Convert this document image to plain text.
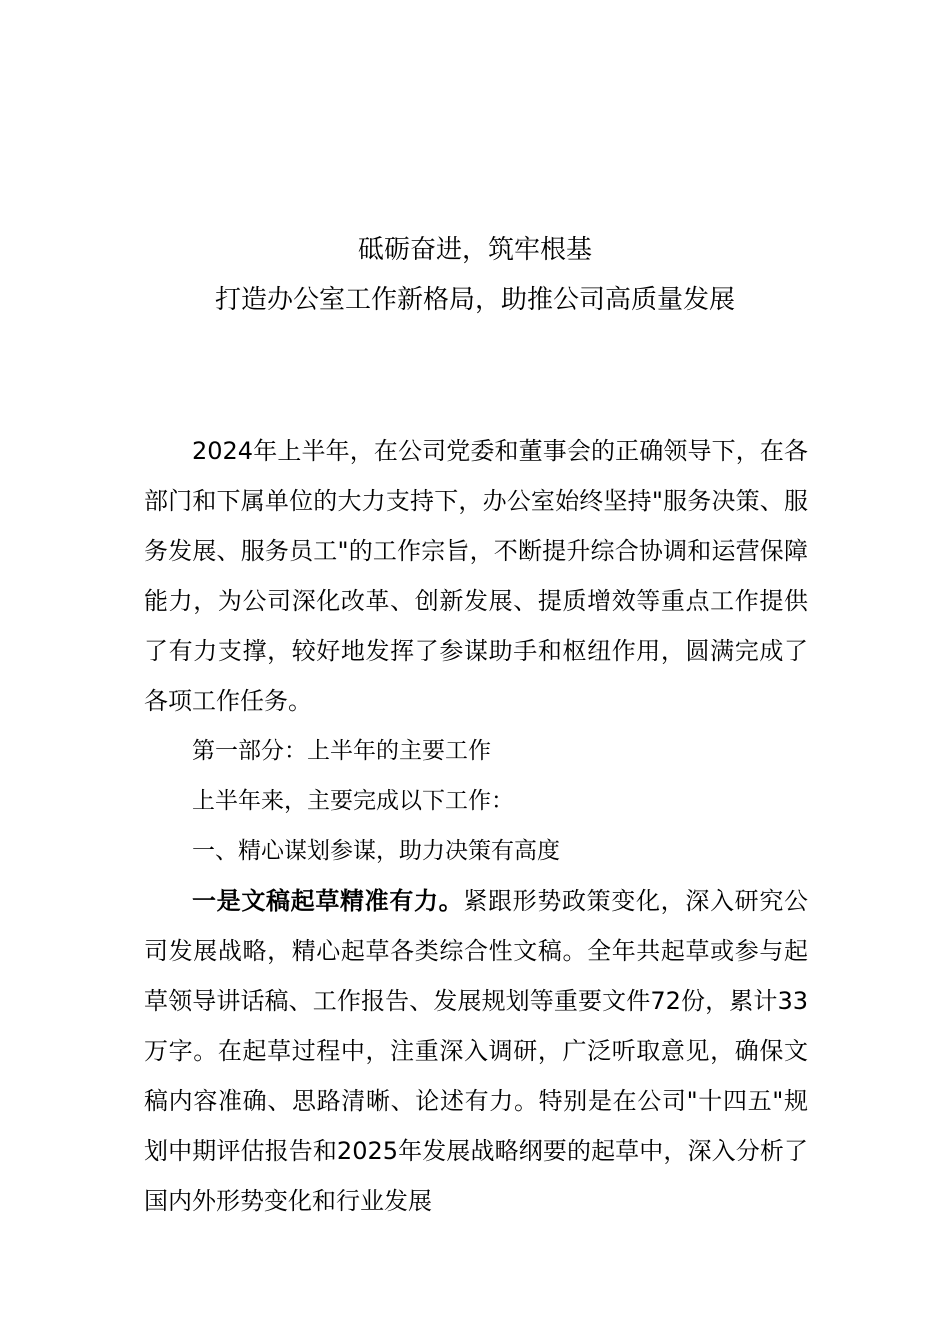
砥砺奋进，筑牢根基
打造办公室工作新格局，助推公司高质量发展

2024年上半年，在公司党委和董事会的正确领导下，在各部门和下属单位的大力支持下，办公室始终坚持"服务决策、服务发展、服务员工"的工作宗旨，不断提升综合协调和运营保障能力，为公司深化改革、创新发展、提质增效等重点工作提供了有力支撑，较好地发挥了参谋助手和枢纽作用，圆满完成了各项工作任务。

第一部分：上半年的主要工作

上半年来，主要完成以下工作：

一、精心谋划参谋，助力决策有高度

一是文稿起草精准有力。紧跟形势政策变化，深入研究公司发展战略，精心起草各类综合性文稿。全年共起草或参与起草领导讲话稿、工作报告、发展规划等重要文件72份，累计33万字。在起草过程中，注重深入调研，广泛听取意见，确保文稿内容准确、思路清晰、论述有力。特别是在公司"十四五"规划中期评估报告和2025年发展战略纲要的起草中，深入分析了国内外形势变化和行业发展
